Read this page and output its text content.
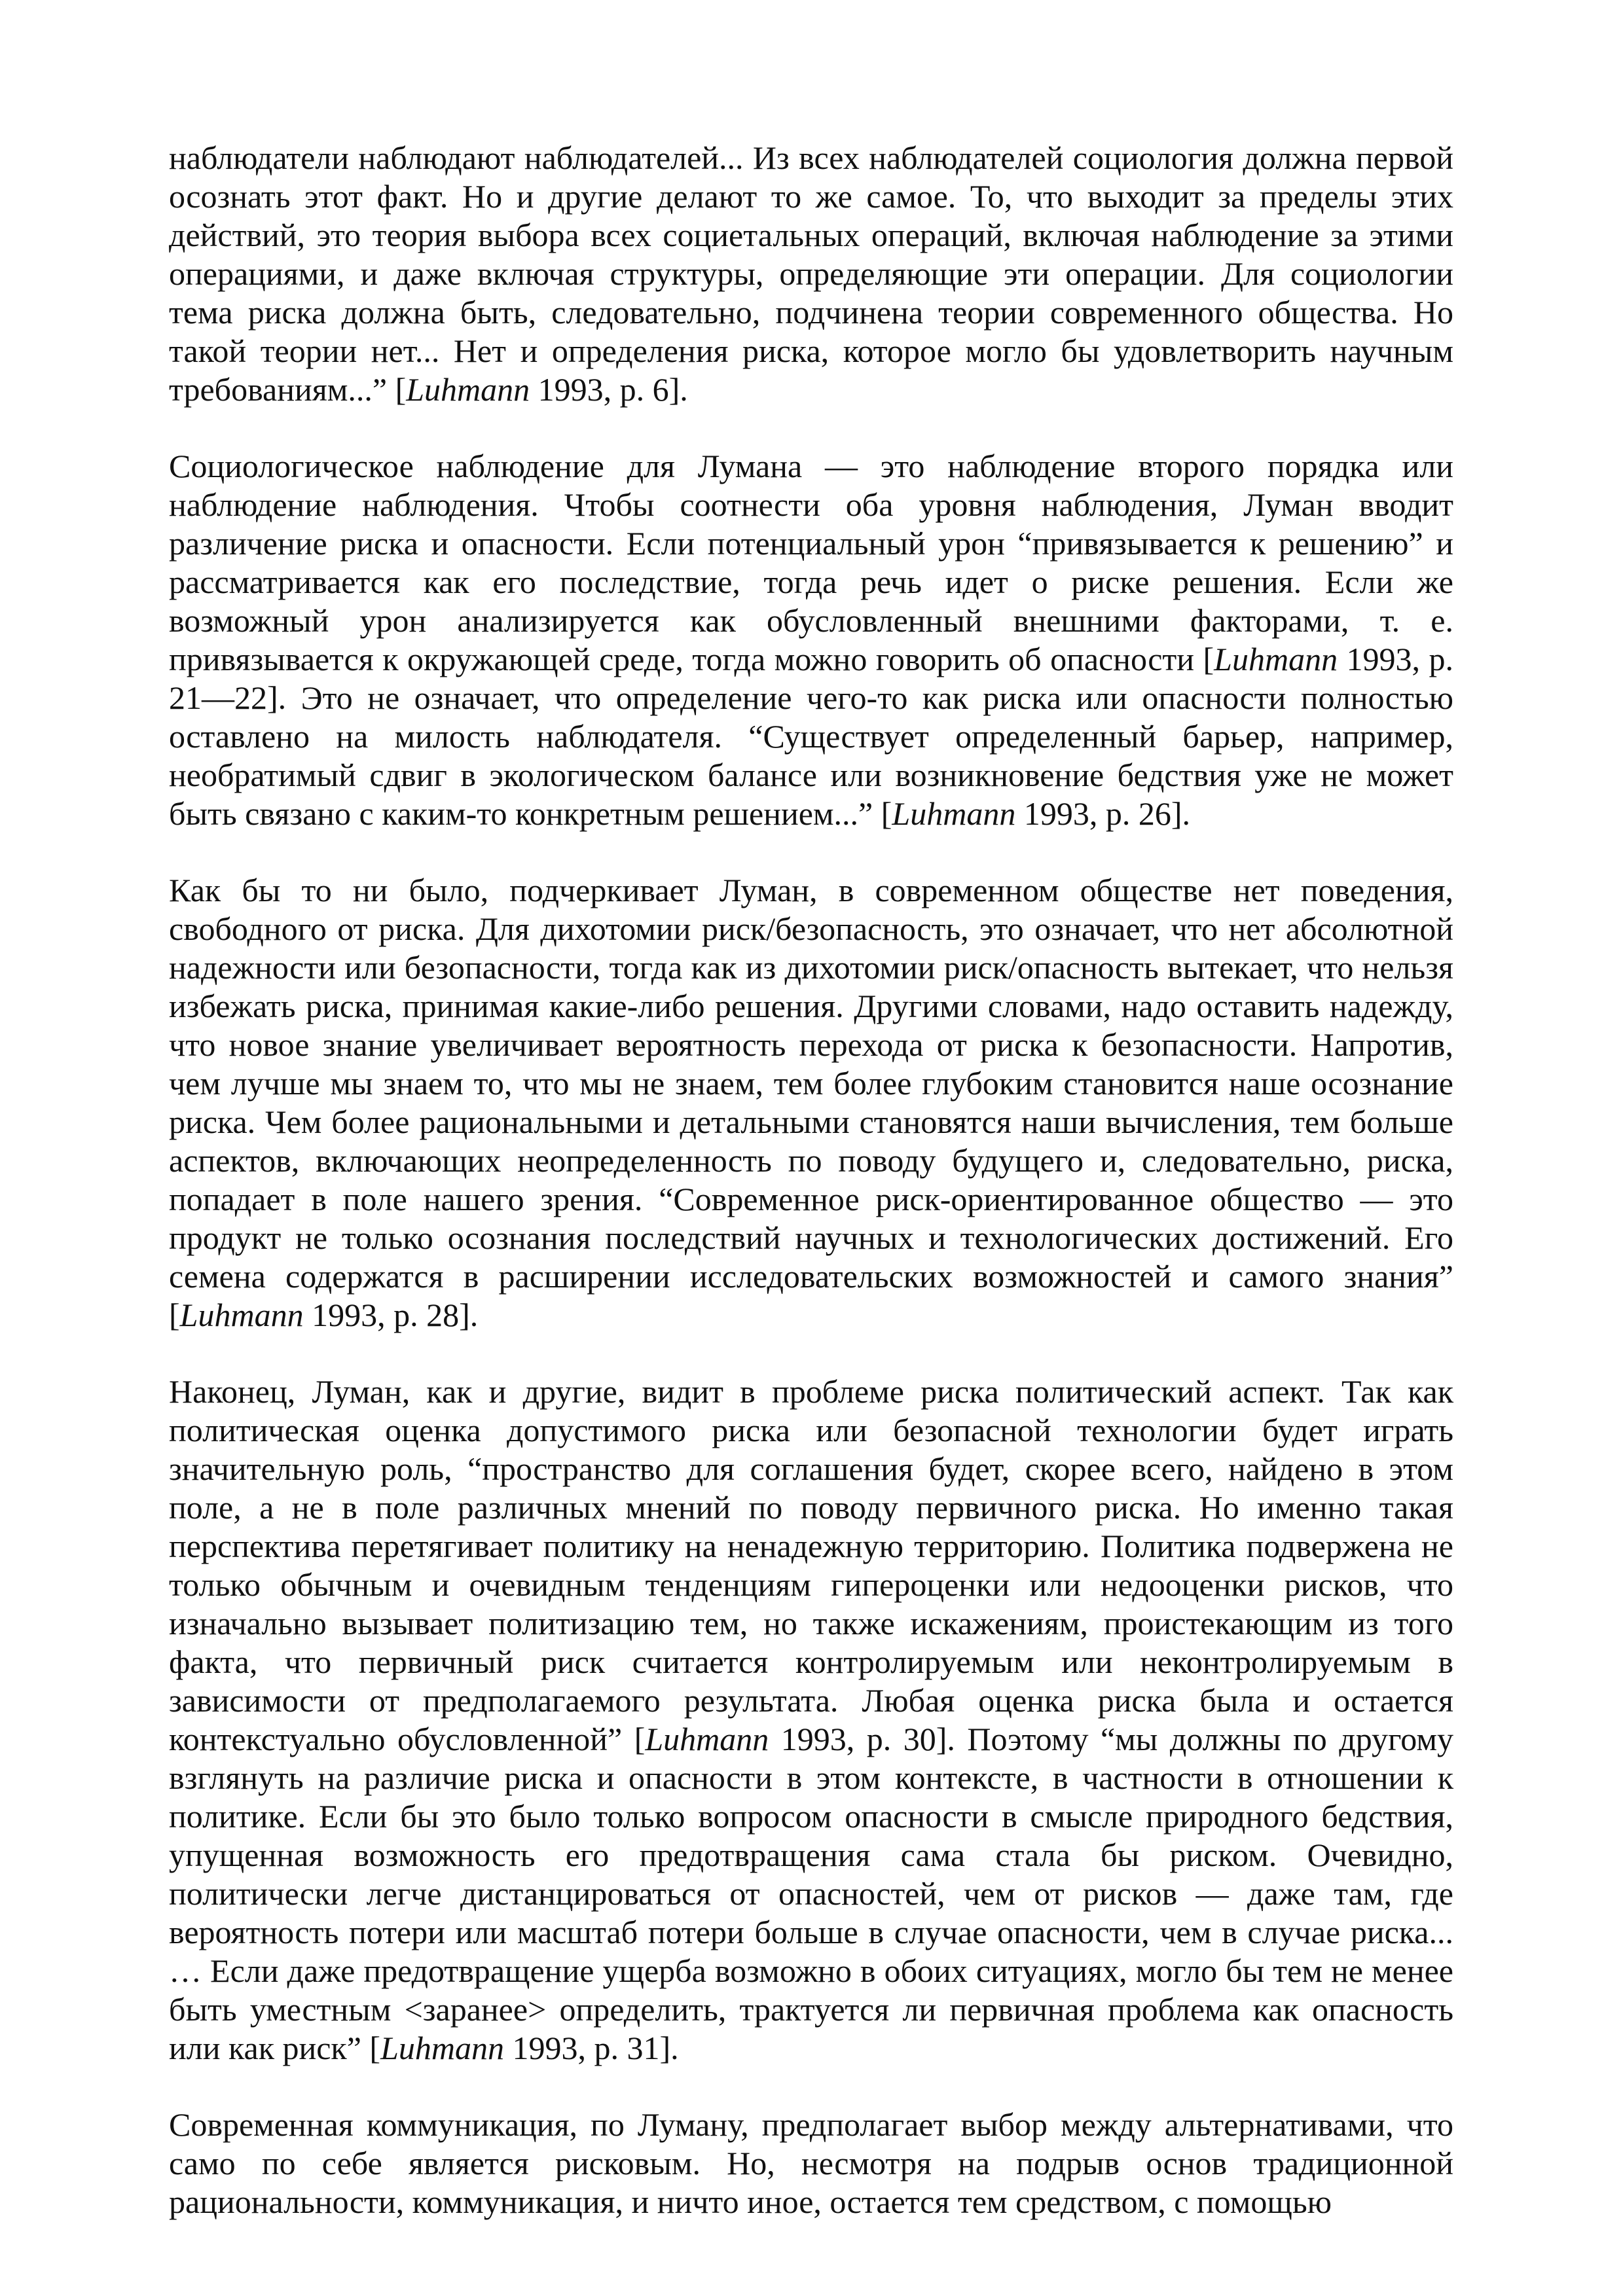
наблюдатели наблюдают наблюдателей... Из всех наблюдателей социология должна первой осознать этот факт. Но и другие делают то же самое. То, что выходит за пределы этих действий, это теория выбора всех социетальных операций, включая наблюдение за этими операциями, и даже включая структуры, определяющие эти операции. Для социологии тема риска должна быть, следовательно, подчинена теории современного общества. Но такой теории нет... Нет и определения риска, которое могло бы удовлетворить научным требованиям...” [Luhmann 1993, p. 6].

Социологическое наблюдение для Лумана — это наблюдение второго порядка или наблюдение наблюдения. Чтобы соотнести оба уровня наблюдения, Луман вводит различение риска и опасности. Если потенциальный урон “привязывается к решению” и рассматривается как его последствие, тогда речь идет о риске решения. Если же возможный урон анализируется как обусловленный внешними факторами, т. е. привязывается к окружающей среде, тогда можно говорить об опасности [Luhmann 1993, p. 21—22]. Это не означает, что определение чего-то как риска или опасности полностью оставлено на милость наблюдателя. “Существует определенный барьер, например, необратимый сдвиг в экологическом балансе или возникновение бедствия уже не может быть связано с каким-то конкретным решением...” [Luhmann 1993, p. 26].

Как бы то ни было, подчеркивает Луман, в современном обществе нет поведения, свободного от риска. Для дихотомии риск/безопасность, это означает, что нет абсолютной надежности или безопасности, тогда как из дихотомии риск/опасность вытекает, что нельзя избежать риска, принимая какие-либо решения. Другими словами, надо оставить надежду, что новое знание увеличивает вероятность перехода от риска к безопасности. Напротив, чем лучше мы знаем то, что мы не знаем, тем более глубоким становится наше осознание риска. Чем более рациональными и детальными становятся наши вычисления, тем больше аспектов, включающих неопределенность по поводу будущего и, следовательно, риска, попадает в поле нашего зрения. “Современное риск-ориентированное общество — это продукт не только осознания последствий научных и технологических достижений. Его семена содержатся в расширении исследовательских возможностей и самого знания” [Luhmann 1993, p. 28].

Наконец, Луман, как и другие, видит в проблеме риска политический аспект. Так как политическая оценка допустимого риска или безопасной технологии будет играть значительную роль, “пространство для соглашения будет, скорее всего, найдено в этом поле, а не в поле различных мнений по поводу первичного риска. Но именно такая перспектива перетягивает политику на ненадежную территорию. Политика подвержена не только обычным и очевидным тенденциям гипероценки или недооценки рисков, что изначально вызывает политизацию тем, но также искажениям, проистекающим из того факта, что первичный риск считается контролируемым или неконтролируемым в зависимости от предполагаемого результата. Любая оценка риска была и остается контекстуально обусловленной” [Luhmann 1993, p. 30]. Поэтому “мы должны по другому взглянуть на различие риска и опасности в этом контексте, в частности в отношении к политике. Если бы это было только вопросом опасности в смысле природного бедствия, упущенная возможность его предотвращения сама стала бы риском. Очевидно, политически легче дистанцироваться от опасностей, чем от рисков — даже там, где вероятность потери или масштаб потери больше в случае опасности, чем в случае риска... … Если даже предотвращение ущерба возможно в обоих ситуациях, могло бы тем не менее быть уместным <заранее> определить, трактуется ли первичная проблема как опасность или как риск” [Luhmann 1993, p. 31].

Современная коммуникация, по Луману, предполагает выбор между альтернативами, что само по себе является рисковым. Но, несмотря на подрыв основ традиционной рациональности, коммуникация, и ничто иное, остается тем средством, с помощью
